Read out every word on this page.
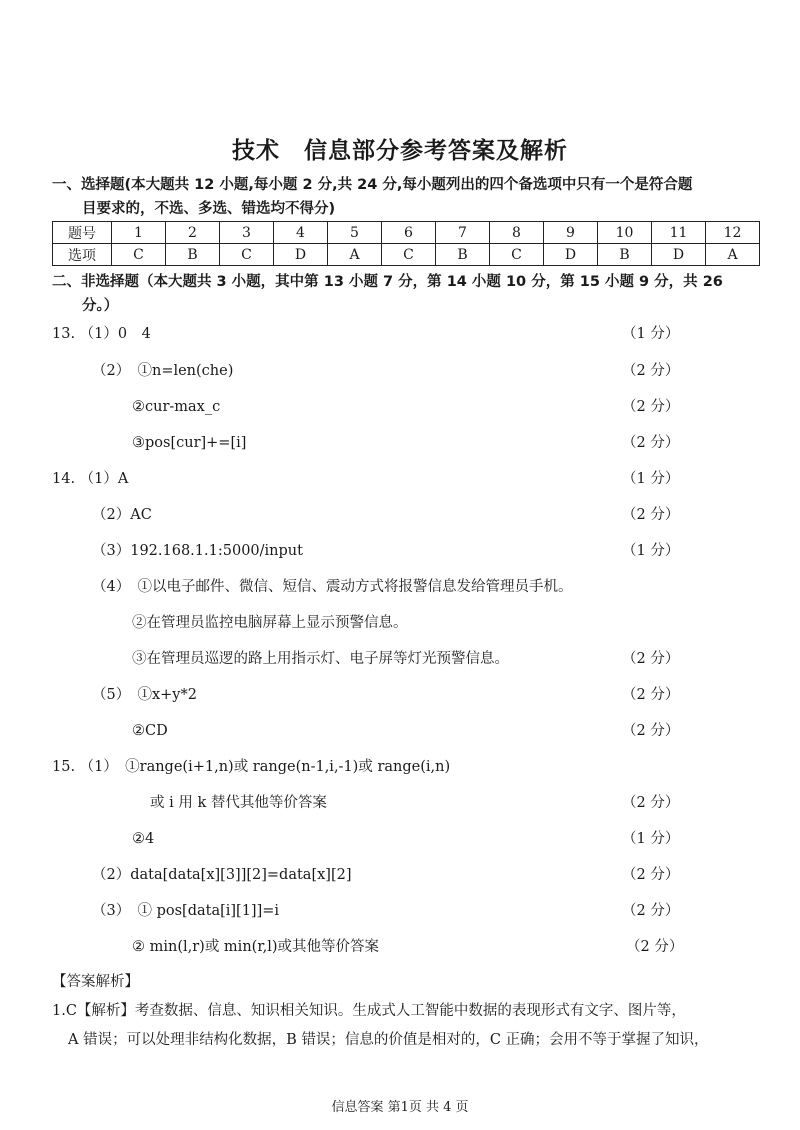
技术　信息部分参考答案及解析
一、选择题(本大题共 12 小题,每小题 2 分,共 24 分,每小题列出的四个备选项中只有一个是符合题
目要求的，不选、多选、错选均不得分)
题号	1	2	3	4	5	6	7	8	9	10	11	12
选项	C	B	C	D	A	C	B	C	D	B	D	A
二、非选择题（本大题共 3 小题，其中第 13 小题 7 分，第 14 小题 10 分，第 15 小题 9 分，共 26
分。）
13. （1）0　4	（1 分）
（2）　①n=len(che)	（2 分）
②cur-max_c	（2 分）
③pos[cur]+=[i]	（2 分）
14. （1）A	（1 分）
（2）AC	（2 分）
（3）192.168.1.1:5000/input	（1 分）
（4）　①以电子邮件、微信、短信、震动方式将报警信息发给管理员手机。
②在管理员监控电脑屏幕上显示预警信息。
③在管理员巡逻的路上用指示灯、电子屏等灯光预警信息。	（2 分）
（5）　①x+y*2	（2 分）
②CD	（2 分）
15. （1）　①range(i+1,n)或 range(n-1,i,-1)或 range(i,n)
或 i 用 k 替代其他等价答案	（2 分）
②4	（1 分）
（2）data[data[x][3]][2]=data[x][2]	（2 分）
（3）　① pos[data[i][1]]=i	（2 分）
② min(l,r)或 min(r,l)或其他等价答案	（2 分）
【答案解析】
1.C【解析】考查数据、信息、知识相关知识。生成式人工智能中数据的表现形式有文字、图片等，
A 错误；可以处理非结构化数据，B 错误；信息的价值是相对的，C 正确；会用不等于掌握了知识，
信息答案 第1页 共 4 页
